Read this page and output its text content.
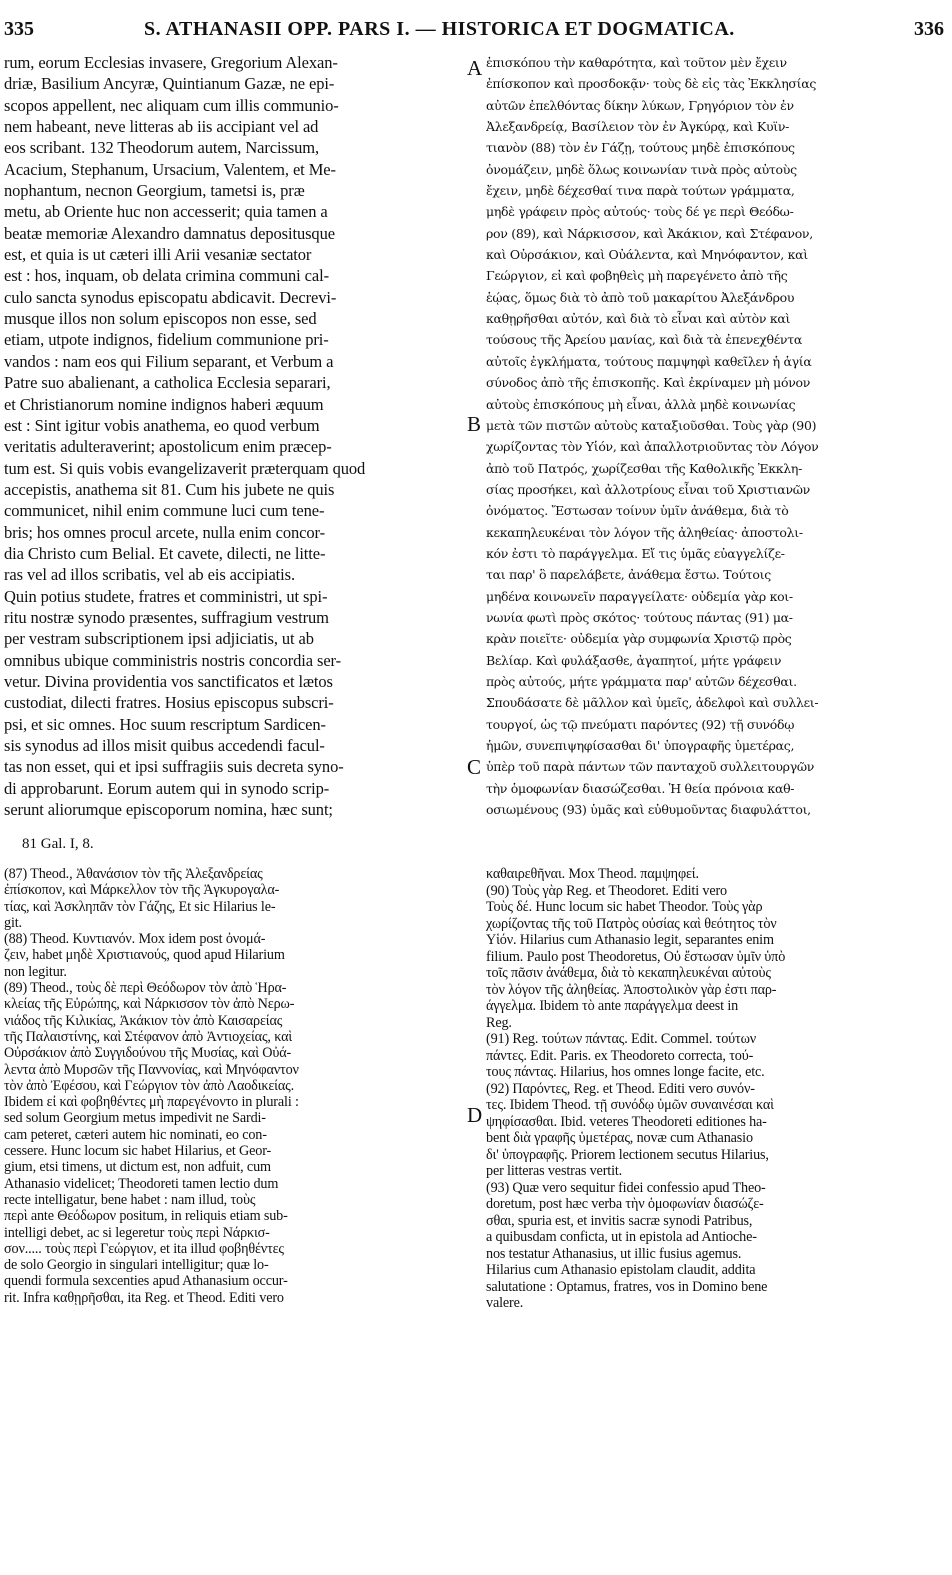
335	S. ATHANASII OPP. PARS I. — HISTORICA ET DOGMATICA.	336
rum, eorum Ecclesias invasere, Gregorium Alexan-
driæ, Basilium Ancyræ, Quintianum Gazæ, ne epi-
scopos appellent, nec aliquam cum illis communio-
nem habeant, neve litteras ab iis accipiant vel ad
eos scribant. 132 Theodorum autem, Narcissum,
Acacium, Stephanum, Ursacium, Valentem, et Me-
nophantum, necnon Georgium, tametsi is, præ
metu, ab Oriente huc non accesserit; quia tamen a
beatæ memoriæ Alexandro damnatus depositusque
est, et quia is ut cæteri illi Arii vesaniæ sectator
est : hos, inquam, ob delata crimina communi cal-
culo sancta synodus episcopatu abdicavit. Decrevi-
musque illos non solum episcopos non esse, sed
etiam, utpote indignos, fidelium communione pri-
vandos : nam eos qui Filium separant, et Verbum a
Patre suo abalienant, a catholica Ecclesia separari,
et Christianorum nomine indignos haberi æquum
est : Sint igitur vobis anathema, eo quod verbum
veritatis adulteraverint; apostolicum enim præcep-
tum est. Si quis vobis evangelizaverit præterquam quod
accepistis, anathema sit 81. Cum his jubete ne quis
communicet, nihil enim commune luci cum tene-
bris; hos omnes procul arcete, nulla enim concor-
dia Christo cum Belial. Et cavete, dilecti, ne litte-
ras vel ad illos scribatis, vel ab eis accipiatis.
Quin potius studete, fratres et comministri, ut spi-
ritu nostræ synodo præsentes, suffragium vestrum
per vestram subscriptionem ipsi adjiciatis, ut ab
omnibus ubique comministris nostris concordia ser-
vetur. Divina providentia vos sanctificatos et lætos
custodiat, dilecti fratres. Hosius episcopus subscri-
psi, et sic omnes. Hoc suum rescriptum Sardicen-
sis synodus ad illos misit quibus accedendi facul-
tas non esset, qui et ipsi suffragiis suis decreta syno-
di approbarunt. Eorum autem qui in synodo scrip-
serunt aliorumque episcoporum nomina, hæc sunt;
81 Gal. I, 8.
ἐπισκόπου τὴν καθαρότητα, καὶ τοῦτον μὲν ἔχειν
ἐπίσκοπον καὶ προσδοκᾷν· τοὺς δὲ εἰς τὰς Ἐκκλησίας
αὐτῶν ἐπελθόντας δίκην λύκων, Γρηγόριον τὸν ἐν
Ἀλεξανδρείᾳ, Βασίλειον τὸν ἐν Ἀγκύρᾳ, καὶ Κυϊν-
τιανὸν (88) τὸν ἐν Γάζῃ, τούτους μηδὲ ἐπισκόπους
ὀνομάζειν, μηδὲ ὅλως κοινωνίαν τινὰ πρὸς αὐτοὺς
ἔχειν, μηδὲ δέχεσθαί τινα παρὰ τούτων γράμματα,
μηδὲ γράφειν πρὸς αὐτούς· τοὺς δέ γε περὶ Θεόδω-
ρον (89), καὶ Νάρκισσον, καὶ Ἀκάκιον, καὶ Στέφανον,
καὶ Οὐρσάκιον, καὶ Οὐάλεντα, καὶ Μηνόφαντον, καὶ
Γεώργιον, εἰ καὶ φοβηθεὶς μὴ παρεγένετο ἀπὸ τῆς
ἑῴας, ὅμως διὰ τὸ ἀπὸ τοῦ μακαρίτου Ἀλεξάνδρου
καθῃρῆσθαι αὐτόν, καὶ διὰ τὸ εἶναι καὶ αὐτὸν καὶ
τούσους τῆς Ἀρείου μανίας, καὶ διὰ τὰ ἐπενεχθέντα
αὐτοῖς ἐγκλήματα, τούτους παμψηφὶ καθεῖλεν ἡ ἁγία
σύνοδος ἀπὸ τῆς ἐπισκοπῆς. Καὶ ἐκρίναμεν μὴ μόνον
αὐτοὺς ἐπισκόπους μὴ εἶναι, ἀλλὰ μηδὲ κοινωνίας
μετὰ τῶν πιστῶν αὐτοὺς καταξιοῦσθαι. Τοὺς γὰρ (90)
χωρίζοντας τὸν Υἱόν, καὶ ἀπαλλοτριοῦντας τὸν Λόγον
ἀπὸ τοῦ Πατρός, χωρίζεσθαι τῆς Καθολικῆς Ἐκκλη-
σίας προσήκει, καὶ ἀλλοτρίους εἶναι τοῦ Χριστιανῶν
ὀνόματος. Ἔστωσαν τοίνυν ὑμῖν ἀνάθεμα, διὰ τὸ
κεκαπηλευκέναι τὸν λόγον τῆς ἀληθείας· ἀποστολι-
κόν ἐστι τὸ παράγγελμα. Εἴ τις ὑμᾶς εὐαγγελίζε-
ται παρ' ὃ παρελάβετε, ἀνάθεμα ἔστω. Τούτοις
μηδένα κοινωνεῖν παραγγείλατε· οὐδεμία γὰρ κοι-
νωνία φωτὶ πρὸς σκότος· τούτους πάντας (91) μα-
κρὰν ποιεῖτε· οὐδεμία γὰρ συμφωνία Χριστῷ πρὸς
Βελίαρ. Καὶ φυλάξασθε, ἀγαπητοί, μήτε γράφειν
πρὸς αὐτούς, μήτε γράμματα παρ' αὐτῶν δέχεσθαι.
Σπουδάσατε δὲ μᾶλλον καὶ ὑμεῖς, ἀδελφοὶ καὶ συλλει-
τουργοί, ὡς τῷ πνεύματι παρόντες (92) τῇ συνόδῳ
ἡμῶν, συνεπιψηφίσασθαι δι' ὑπογραφῆς ὑμετέρας,
ὑπὲρ τοῦ παρὰ πάντων τῶν πανταχοῦ συλλειτουργῶν
τὴν ὁμοφωνίαν διασώζεσθαι. Ἡ θεία πρόνοια καθ-
οσιωμένους (93) ὑμᾶς καὶ εὐθυμοῦντας διαφυλάττοι,
(87) Theod., Ἀθανάσιον τὸν τῆς Ἀλεξανδρείας
ἐπίσκοπον, καὶ Μάρκελλον τὸν τῆς Ἀγκυρογαλα-
τίας, καὶ Ἀσκληπᾶν τὸν Γάζης, Et sic Hilarius le-
git.
(88) Theod. Κυντιανόν. Mox idem post ὀνομά-
ζειν, habet μηδὲ Χριστιανούς, quod apud Hilarium
non legitur.
(89) Theod., τοὺς δὲ περὶ Θεόδωρον τὸν ἀπὸ Ἡρα-
κλείας τῆς Εὐρώπης, καὶ Νάρκισσον τὸν ἀπὸ Νερω-
νιάδος τῆς Κιλικίας, Ἀκάκιον τὸν ἀπὸ Καισαρείας
τῆς Παλαιστίνης, καὶ Στέφανον ἀπὸ Ἀντιοχείας, καὶ
Οὐρσάκιον ἀπὸ Συγγιδούνου τῆς Μυσίας, καὶ Οὐά-
λεντα ἀπὸ Μυρσῶν τῆς Παννονίας, καὶ Μηνόφαντον
τὸν ἀπὸ Ἐφέσου, καὶ Γεώργιον τὸν ἀπὸ Λαοδικείας.
Ibidem εἰ καὶ φοβηθέντες μὴ παρεγένοντο in plurali :
sed solum Georgium metus impedivit ne Sardi-
cam peteret, cæteri autem hic nominati, eo con-
cessere. Hunc locum sic habet Hilarius, et Geor-
gium, etsi timens, ut dictum est, non adfuit, cum
Athanasio videlicet; Theodoreti tamen lectio dum
recte intelligatur, bene habet : nam illud, τοὺς
περὶ ante Θεόδωρον positum, in reliquis etiam sub-
intelligi debet, ac si legeretur τοὺς περὶ Νάρκισ-
σον..... τοὺς περὶ Γεώργιον, et ita illud φοβηθέντες
de solo Georgio in singulari intelligitur; quæ lo-
quendi formula sexcenties apud Athanasium occur-
rit. Infra καθῃρῆσθαι, ita Reg. et Theod. Editi vero
καθαιρεθῆναι. Mox Theod. παμψηφεί.
(90) Τοὺς γὰρ Reg. et Theodoret. Editi vero
Τοὺς δέ. Hunc locum sic habet Theodor. Τοὺς γὰρ
χωρίζοντας τῆς τοῦ Πατρὸς οὐσίας καὶ θεότητος τὸν
Υἱόν. Hilarius cum Athanasio legit, separantes enim
filium. Paulo post Theodoretus, Οὐ ἔστωσαν ὑμῖν ὑπὸ
τοῖς πᾶσιν ἀνάθεμα, διὰ τὸ κεκαπηλευκέναι αὐτοὺς
τὸν λόγον τῆς ἀληθείας. Ἀποστολικὸν γὰρ ἐστι παρ-
άγγελμα. Ibidem τὸ ante παράγγελμα deest in
Reg.
(91) Reg. τούτων πάντας. Edit. Commel. τούτων
πάντες. Edit. Paris. ex Theodoreto correcta, τού-
τους πάντας. Hilarius, hos omnes longe facite, etc.
(92) Παρόντες, Reg. et Theod. Editi vero συνόν-
τες. Ibidem Theod. τῇ συνόδῳ ὑμῶν συναινέσαι καὶ
ψηφίσασθαι. Ibid. veteres Theodoreti editiones ha-
bent διὰ γραφῆς ὑμετέρας, novæ cum Athanasio
δι' ὑπογραφῆς. Priorem lectionem secutus Hilarius,
per litteras vestras vertit.
(93) Quæ vero sequitur fidei confessio apud Theo-
doretum, post hæc verba τὴν ὁμοφωνίαν διασώζε-
σθαι, spuria est, et invitis sacræ synodi Patribus,
a quibusdam conficta, ut in epistola ad Antioche-
nos testatur Athanasius, ut illic fusius agemus.
Hilarius cum Athanasio epistolam claudit, addita
salutatione : Optamus, fratres, vos in Domino bene
valere.
A
B
C
D
